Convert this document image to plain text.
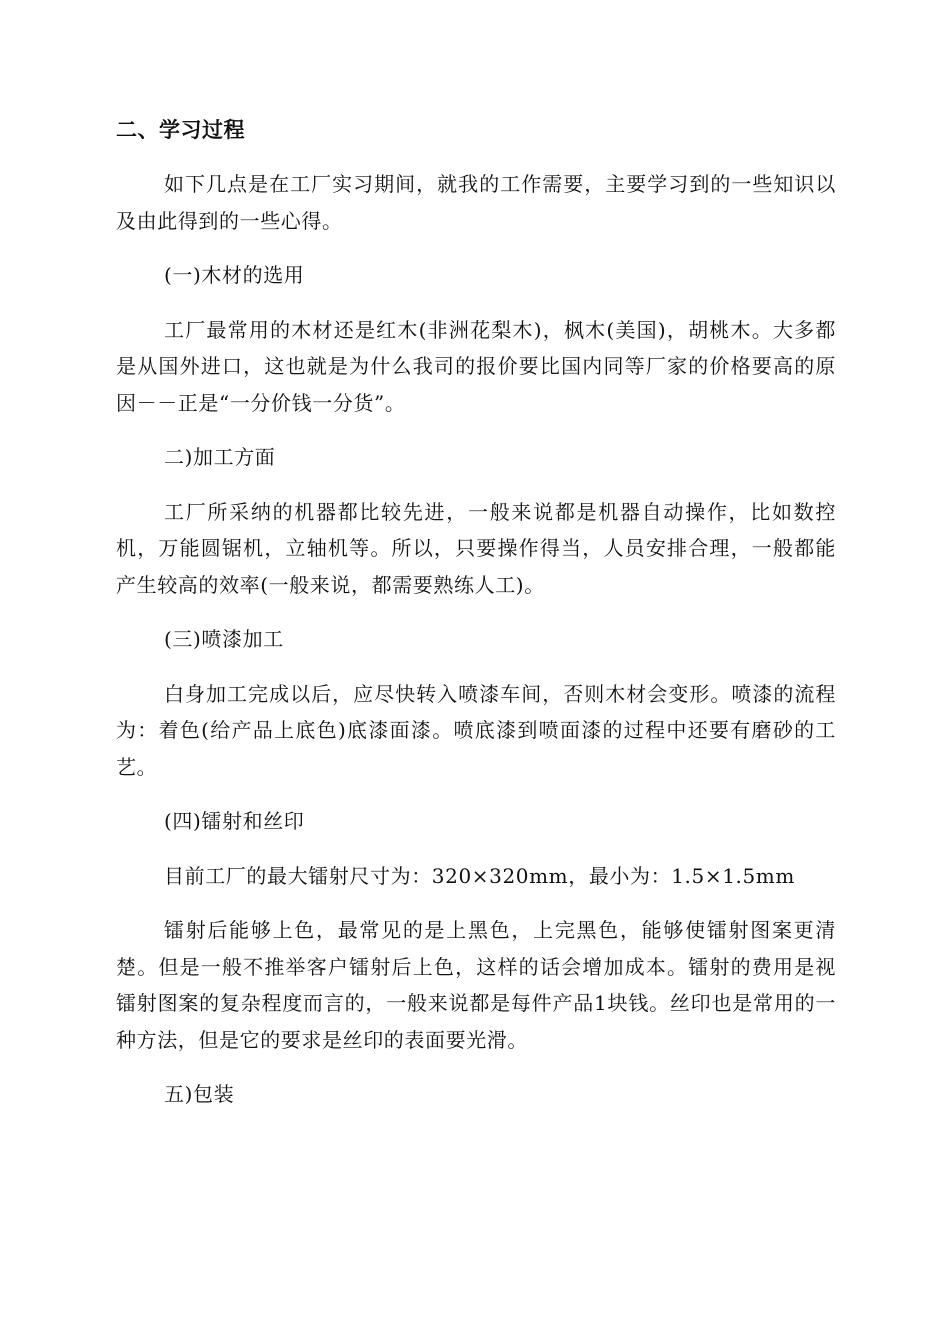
二、学习过程

如下几点是在工厂实习期间，就我的工作需要，主要学习到的一些知识以及由此得到的一些心得。

(一)木材的选用

工厂最常用的木材还是红木(非洲花梨木)，枫木(美国)，胡桃木。大多都是从国外进口，这也就是为什么我司的报价要比国内同等厂家的价格要高的原因－－正是“一分价钱一分货”。

二)加工方面

工厂所采纳的机器都比较先进，一般来说都是机器自动操作，比如数控机，万能圆锯机，立轴机等。所以，只要操作得当，人员安排合理，一般都能产生较高的效率(一般来说，都需要熟练人工)。

(三)喷漆加工

白身加工完成以后，应尽快转入喷漆车间，否则木材会变形。喷漆的流程为：着色(给产品上底色)底漆面漆。喷底漆到喷面漆的过程中还要有磨砂的工艺。

(四)镭射和丝印

目前工厂的最大镭射尺寸为：320×320mm，最小为：1.5×1.5mm

镭射后能够上色，最常见的是上黑色，上完黑色，能够使镭射图案更清楚。但是一般不推举客户镭射后上色，这样的话会增加成本。镭射的费用是视镭射图案的复杂程度而言的，一般来说都是每件产品1块钱。丝印也是常用的一种方法，但是它的要求是丝印的表面要光滑。

五)包装
